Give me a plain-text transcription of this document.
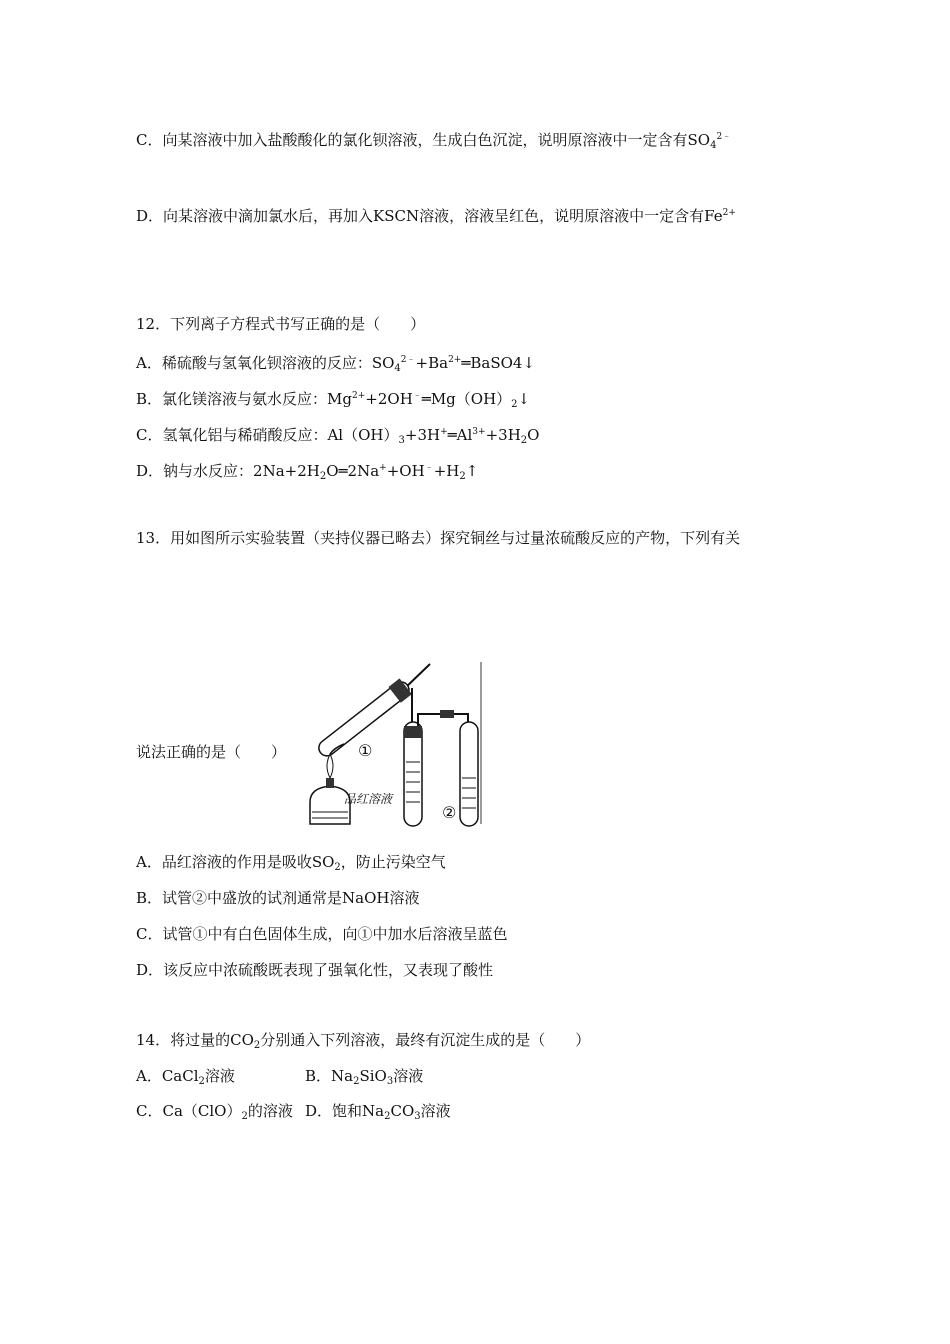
C．向某溶液中加入盐酸酸化的氯化钡溶液，生成白色沉淀，说明原溶液中一定含有$SO_4^{2﹣}$
D．向某溶液中滴加氯水后，再加入KSCN溶液，溶液呈红色，说明原溶液中一定含有$Fe^{2+}$
12．下列离子方程式书写正确的是（　　）
A．稀硫酸与氢氧化钡溶液的反应：$SO_4^{2﹣}+Ba^{2+}═BaSO4↓$
B．氯化镁溶液与氨水反应：$Mg^{2+}+2OH^﹣═Mg(OH)_2↓$
C．氢氧化铝与稀硝酸反应：$Al(OH)_3+3H^+═Al^{3+}+3H_2O$
D．钠与水反应：$2Na+2H_2O═2Na^++OH^﹣+H_2↑$
13．用如图所示实验装置（夹持仪器已略去）探究铜丝与过量浓硫酸反应的产物，下列有关
说法正确的是（　　）	①
②
品红溶液
A．品红溶液的作用是吸收$SO_2$，防止污染空气
B．试管②中盛放的试剂通常是NaOH溶液
C．试管①中有白色固体生成，向①中加水后溶液呈蓝色
D．该反应中浓硫酸既表现了强氧化性，又表现了酸性
14．将过量的$CO_2$分别通入下列溶液，最终有沉淀生成的是（　　）
A．CaCl$_2$溶液	B．$Na_2SiO_3$溶液
C．$Ca(ClO)_2$的溶液 D．饱和$Na_2CO_3$溶液
